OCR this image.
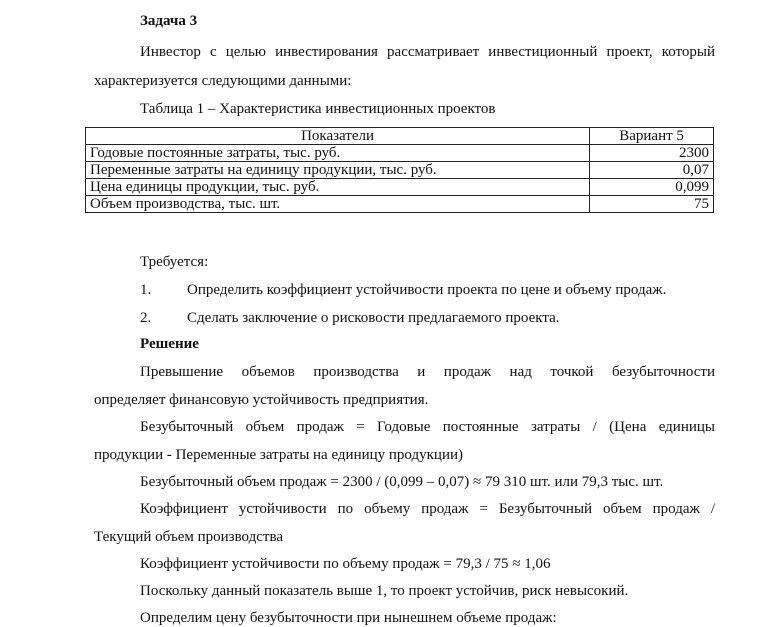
Задача 3
Инвестор с целью инвестирования рассматривает инвестиционный проект, который
характеризуется следующими данными:
Таблица 1 – Характеристика инвестиционных проектов
Показатели	Вариант 5
Годовые постоянные затраты, тыс. руб.	2300
Переменные затраты на единицу продукции, тыс. руб.	0,07
Цена единицы продукции, тыс. руб.	0,099
Объем производства, тыс. шт.	75
Требуется:
1. Определить коэффициент устойчивости проекта по цене и объему продаж.
2. Сделать заключение о рисковости предлагаемого проекта.
Решение
Превышение объемов производства и продаж над точкой безубыточности
определяет финансовую устойчивость предприятия.
Безубыточный объем продаж = Годовые постоянные затраты / (Цена единицы
продукции - Переменные затраты на единицу продукции)
Безубыточный объем продаж = 2300 / (0,099 – 0,07) ≈ 79 310 шт. или 79,3 тыс. шт.
Коэффициент устойчивости по объему продаж = Безубыточный объем продаж /
Текущий объем производства
Коэффициент устойчивости по объему продаж = 79,3 / 75 ≈ 1,06
Поскольку данный показатель выше 1, то проект устойчив, риск невысокий.
Определим цену безубыточности при нынешнем объеме продаж:
